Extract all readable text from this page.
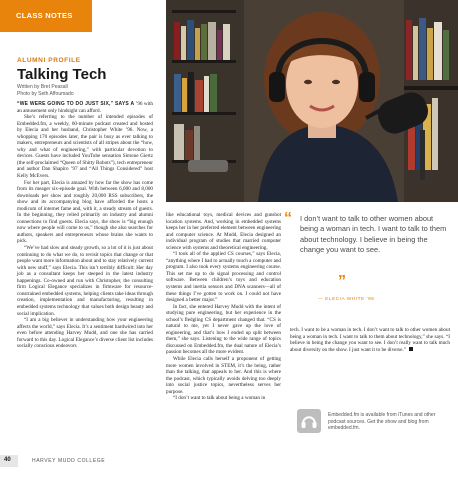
CLASS NOTES
ALUMNI PROFILE
Talking Tech
Written by Bret Peasall
Photo by Seth Affoumado

“WE WERE GOING TO DO JUST SIX,” SAYS A ’96 with an amusement only hindsight can afford.

She’s referring to the number of intended episodes of Embedded.fm, a weekly, 60-minute podcast created and hosted by Elecia and her husband, Christopher White ’96. Now, a whopping 170 episodes later, the pair is busy as ever talking to makers, entrepreneurs and scientists of all stripes about the “how, why and what of engineering,” with particular devotion to devices. Guests have included YouTube sensation Simone Giertz (the self-proclaimed “Queen of Shitty Robots”), tech entrepreneur and author Dan Shapiro ’97 and “All Things Considered” host Kelly McEvers.

For her part, Elecia is amazed by how far the show has come from its meager six-episode goal. With between 6,000 and 8,000 downloads per show and roughly 20,000 RSS subscribers, the show and its accompanying blog have afforded the hosts a modicum of internet fame and, with it, a steady stream of guests. In the beginning, they relied primarily on industry and alumni connections to find guests. Elecia says, the show is “big enough now where people will come to us,” though she also searches for authors, speakers and entrepreneurs whose brains she wants to pick.

“We’ve had slow and steady growth, so a lot of it is just about continuing to do what we do, to revisit topics that change or that people want more information about and to stay relatively current with new stuff,” says Elecia. This isn’t terribly difficult: Her day job as a consultant keeps her steeped in the latest industry happenings. Co-owned and run with Christopher, the consulting firm Logical Elegance specializes in firmware for resource-constrained embedded systems, helping clients take ideas through creation, implementation and manufacturing, resulting in embedded systems technology that values both design beauty and social implication.

“I am a big believer in understanding how your engineering affects the world,” says Elecia. It’s a sentiment hardwired into her even before attending Harvey Mudd, and one she has carried forward to this day. Logical Elegance’s diverse client list includes socially conscious endeavors

like educational toys, medical devices and gunshot location systems. And, working in embedded systems keeps her in her preferred element between engineering and computer science. At Mudd, Elecia designed an individual program of studies that married computer science with systems and theoretical engineering.

“I took all of the applied CS courses,” says Elecia, “anything where I had to actually touch a computer and program. I also took every systems engineering course. This set me up to do signal processing and control software. Between children’s toys and education systems and inertia sensors and DNA scanners—all of these things I’ve gotten to work on. I could not have designed a better major.”

In fact, she entered Harvey Mudd with the intent of studying pure engineering, but her experience in the school’s fledgling CS department changed that. “CS is natural to me, yet I never gave up the love of engineering, and that’s how I ended up split between them,” she says. Listening to the wide range of topics discussed on Embedded.fm, the dual nature of Elecia’s passion becomes all the more evident.

While Elecia calls herself a proponent of getting more women involved in STEM, it’s the being, rather than the talking, that appeals to her. And this is where the podcast, which typically avoids delving too deeply into social justice topics, nevertheless serves her purpose.

“I don’t want to talk about being a woman in

“ I don’t want to talk to other women about being a woman in tech. I want to talk to them about technology. I believe in being the change you want to see.
”
— ELECIA WHITE ’96

tech. I want to be a woman in tech. I don’t want to talk to other women about being a woman in tech. I want to talk to them about technology,” she says. “I believe in being the change you want to see. I don’t really want to talk much about diversity on the show. I just want it to be diverse.”

Embedded.fm is available from iTunes and other podcast sources. Get the show and blog from embedded.fm.
40	HARVEY MUDD COLLEGE
